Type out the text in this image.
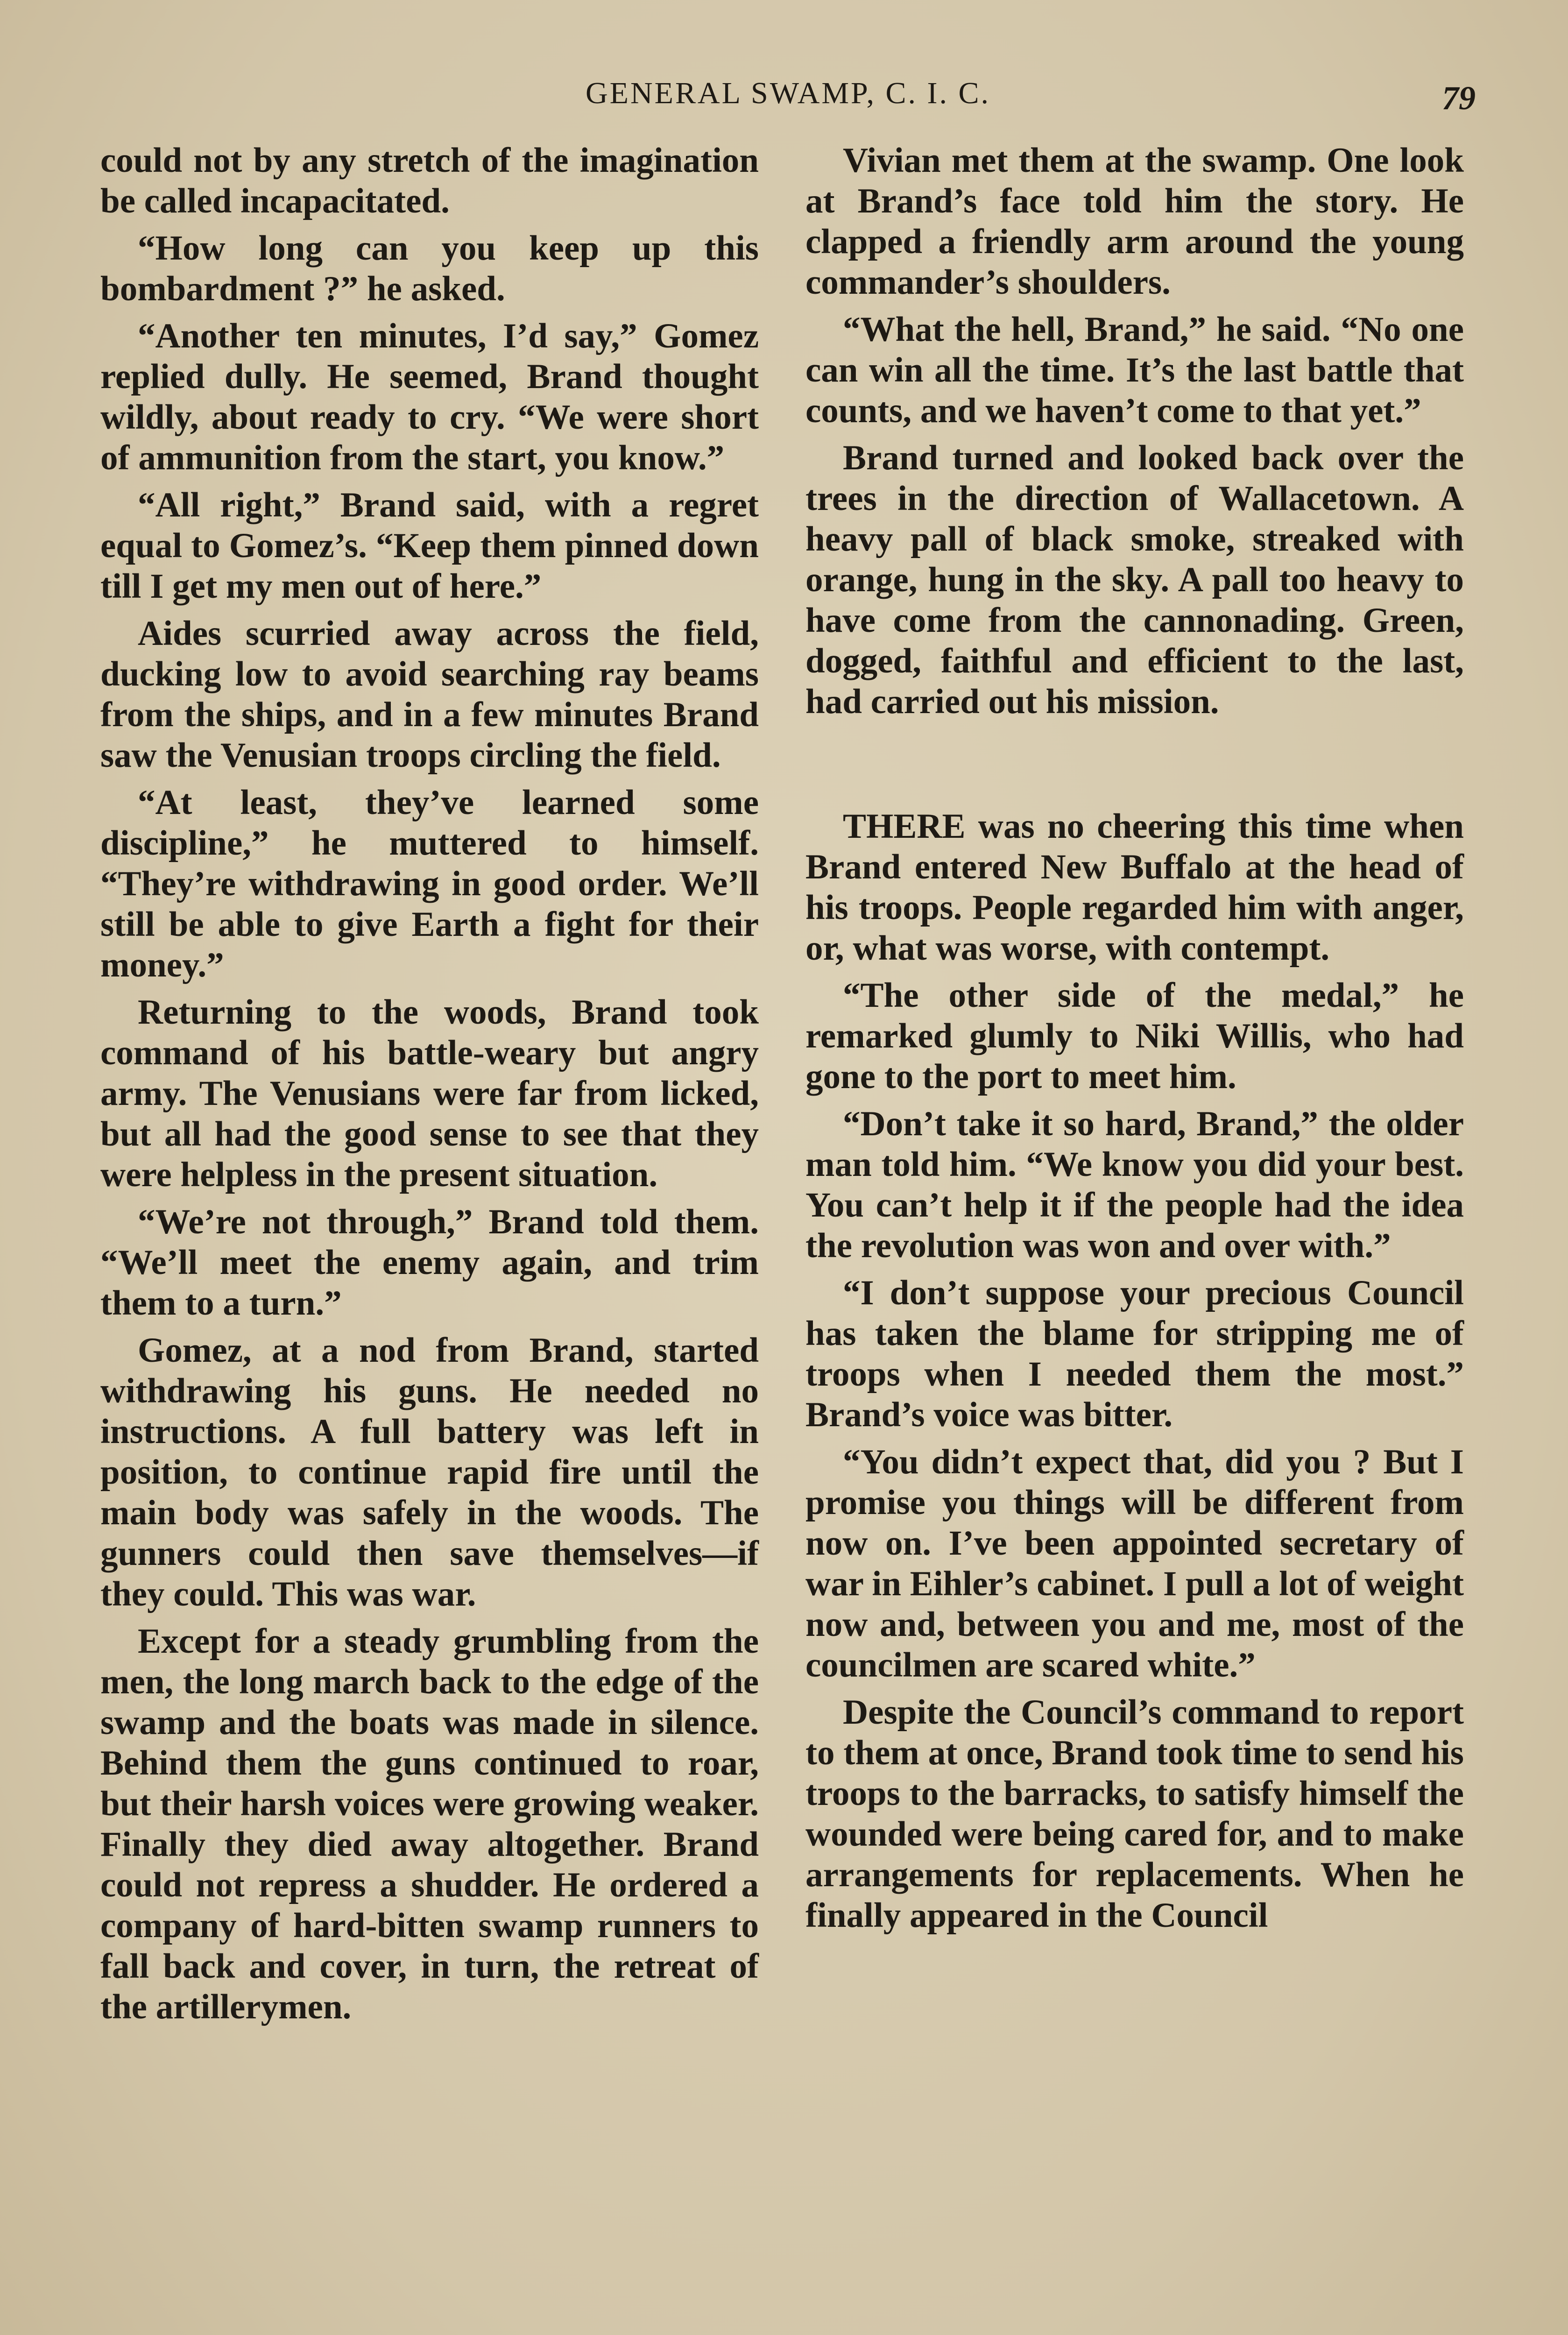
GENERAL SWAMP, C. I. C.	79

could not by any stretch of the imagination be called incapacitated.

“How long can you keep up this bombardment ?” he asked.

“Another ten minutes, I’d say,” Gomez replied dully. He seemed, Brand thought wildly, about ready to cry. “We were short of ammunition from the start, you know.”

“All right,” Brand said, with a regret equal to Gomez’s. “Keep them pinned down till I get my men out of here.”

Aides scurried away across the field, ducking low to avoid searching ray beams from the ships, and in a few minutes Brand saw the Venusian troops circling the field.

“At least, they’ve learned some discipline,” he muttered to himself. “They’re withdrawing in good order. We’ll still be able to give Earth a fight for their money.”

Returning to the woods, Brand took command of his battle-weary but angry army. The Venusians were far from licked, but all had the good sense to see that they were helpless in the present situation.

“We’re not through,” Brand told them. “We’ll meet the enemy again, and trim them to a turn.”

Gomez, at a nod from Brand, started withdrawing his guns. He needed no instructions. A full battery was left in position, to continue rapid fire until the main body was safely in the woods. The gunners could then save themselves—if they could. This was war.

Except for a steady grumbling from the men, the long march back to the edge of the swamp and the boats was made in silence. Behind them the guns continued to roar, but their harsh voices were growing weaker. Finally they died away altogether. Brand could not repress a shudder. He ordered a company of hard-bitten swamp runners to fall back and cover, in turn, the retreat of the artillerymen.

Vivian met them at the swamp. One look at Brand’s face told him the story. He clapped a friendly arm around the young commander’s shoulders.

“What the hell, Brand,” he said. “No one can win all the time. It’s the last battle that counts, and we haven’t come to that yet.”

Brand turned and looked back over the trees in the direction of Wallacetown. A heavy pall of black smoke, streaked with orange, hung in the sky. A pall too heavy to have come from the cannonading. Green, dogged, faithful and efficient to the last, had carried out his mission.

THERE was no cheering this time when Brand entered New Buffalo at the head of his troops. People regarded him with anger, or, what was worse, with contempt.

“The other side of the medal,” he remarked glumly to Niki Willis, who had gone to the port to meet him.

“Don’t take it so hard, Brand,” the older man told him. “We know you did your best. You can’t help it if the people had the idea the revolution was won and over with.”

“I don’t suppose your precious Council has taken the blame for stripping me of troops when I needed them the most.” Brand’s voice was bitter.

“You didn’t expect that, did you ? But I promise you things will be different from now on. I’ve been appointed secretary of war in Eihler’s cabinet. I pull a lot of weight now and, between you and me, most of the councilmen are scared white.”

Despite the Council’s command to report to them at once, Brand took time to send his troops to the barracks, to satisfy himself the wounded were being cared for, and to make arrangements for replacements. When he finally appeared in the Council
